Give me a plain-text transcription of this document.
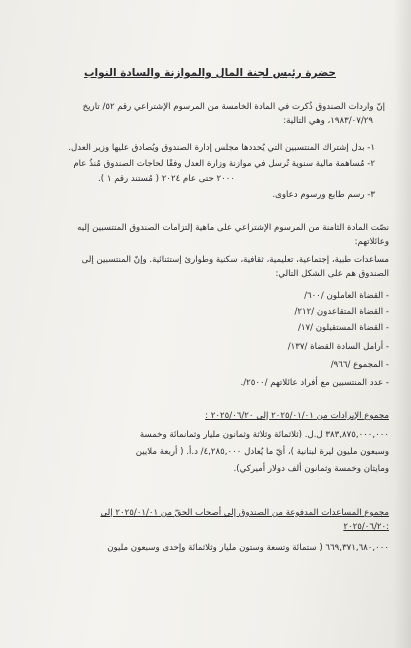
حضرة رئيس لجنة المال والموازنة والسادة النواب
إنّ واردات الصندوق ذُكرت في المادة الخامسة من المرسوم الإشتراعي رقم ٥٢/ تاريخ
١٩٨٣/٠٧/٢٩، وهي التالية:
١- بدل إشتراك المنتسبين التي يُحددها مجلس إدارة الصندوق ويُصادق عليها وزير العدل.
٢- مُساهمة مالية سنوية تُرسل في موازنة وزارة العدل وفقًا لحاجات الصندوق مُنذُ عام
٢٠٠٠ حتى عام ٢٠٢٤ ( مُستند رقم ١ ).
٣- رسم طابع ورسوم دعاوى.
نصّت المادة الثامنة من المرسوم الإشتراعي على ماهية إلتزامات الصندوق المنتسبين إليه
وعائلاتهم:
مساعدات طبية، إجتماعية، تعليمية، ثقافية، سكنية وطوارئ إستثنائية. وإنّ المنتسبين إلى
الصندوق هم على الشكل التالي:
- القضاة العاملون /٦٠٠/
- القضاة المتقاعدون /٢١٢/
- القضاة المستقيلون /١٧/
- أرامل السادة القضاة /١٣٧/
- المجموع /٩٦٦/
- عدد المنتسبين مع أفراد عائلاتهم /٢٥٠٠/.
مجموع الإيرادات من ٢٠٢٥/٠١/٠١ إلى ٢٠٢٥/٠٦/٢٠ :
٣٨٣,٨٧٥,٠٠٠,٠٠٠ ل.ل. (ثلاثمائة وثلاثة وثمانون مليار وثمانمائة وخمسة
وسبعون مليون ليرة لبنانية )، أيّ ما يُعادل ٤,٢٨٥,٠٠٠/ د.أ. ( أربعة ملايين
ومايتان وخمسة وثمانون ألف دولار أميركي).
مجموع المساعدات المدفوعة من الصندوق إلى أصحاب الحقّ من ٢٠٢٥/٠١/٠١ إلى
٢٠٢٥/٠٦/٢٠:
٦٦٩,٣٧١,٦٨٠,٠٠٠ ( ستمائة وتسعة وستون مليار وثلاثمائة وإحدى وسبعون مليون
